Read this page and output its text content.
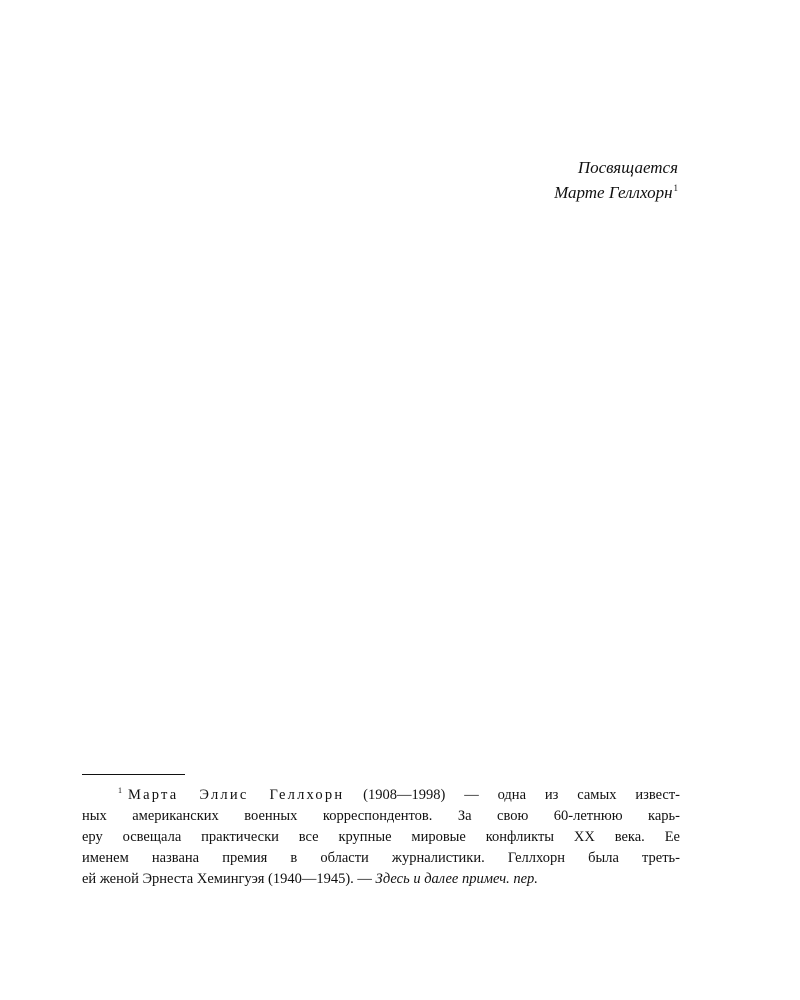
Посвящается
Марте Геллхорн$^1$
$^1$ Марта Эллис Геллхорн (1908—1998) — одна из самых извест-
ных американских военных корреспондентов. За свою 60-летнюю карь-
еру освещала практически все крупные мировые конфликты XX века. Ее
именем названа премия в области журналистики. Геллхорн была треть-
ей женой Эрнеста Хемингуэя (1940—1945). — Здесь и далее примеч. пер.
